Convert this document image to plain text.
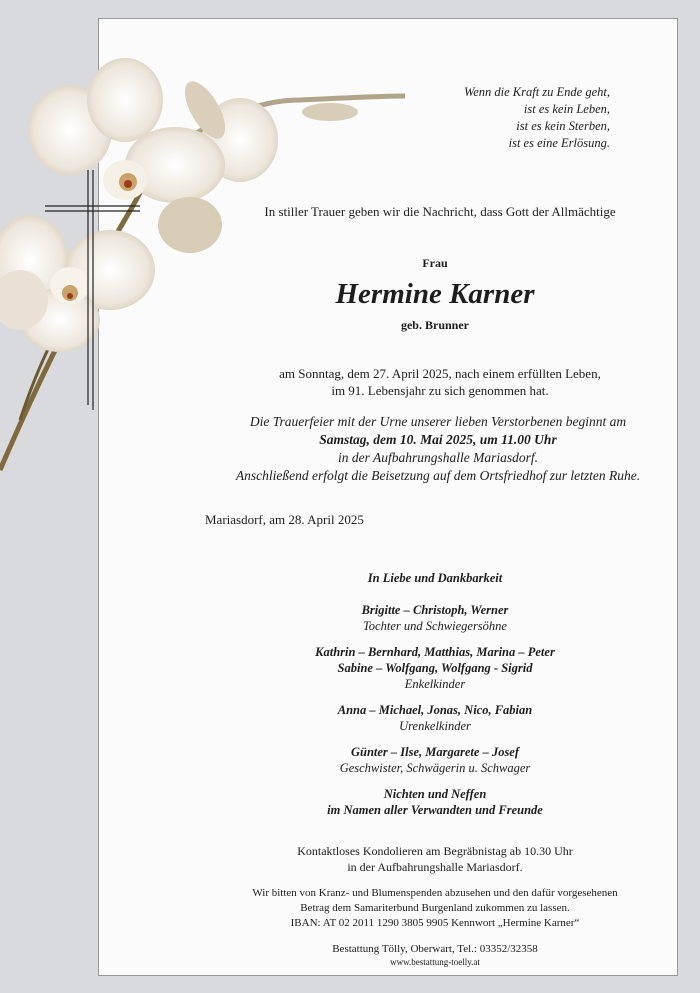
Wenn die Kraft zu Ende geht,
ist es kein Leben,
ist es kein Sterben,
ist es eine Erlösung.
In stiller Trauer geben wir die Nachricht, dass Gott der Allmächtige
Frau
Hermine Karner
geb. Brunner
am Sonntag, dem 27. April 2025, nach einem erfüllten Leben,
im 91. Lebensjahr zu sich genommen hat.
Die Trauerfeier mit der Urne unserer lieben Verstorbenen beginnt am
Samstag, dem 10. Mai 2025, um 11.00 Uhr
in der Aufbahrungshalle Mariasdorf.
Anschließend erfolgt die Beisetzung auf dem Ortsfriedhof zur letzten Ruhe.
Mariasdorf, am 28. April 2025
In Liebe und Dankbarkeit
Brigitte – Christoph, Werner
Tochter und Schwiegersöhne
Kathrin – Bernhard, Matthias, Marina – Peter
Sabine – Wolfgang, Wolfgang - Sigrid
Enkelkinder
Anna – Michael, Jonas, Nico, Fabian
Urenkelkinder
Günter – Ilse, Margarete – Josef
Geschwister, Schwägerin u. Schwager
Nichten und Neffen
im Namen aller Verwandten und Freunde
Kontaktloses Kondolieren am Begräbnistag ab 10.30 Uhr
in der Aufbahrungshalle Mariasdorf.
Wir bitten von Kranz- und Blumenspenden abzusehen und den dafür vorgesehenen
Betrag dem Samariterbund Burgenland zukommen zu lassen.
IBAN: AT 02 2011 1290 3805 9905 Kennwort „Hermine Karner“
Bestattung Tölly, Oberwart, Tel.: 03352/32358
www.bestattung-toelly.at
